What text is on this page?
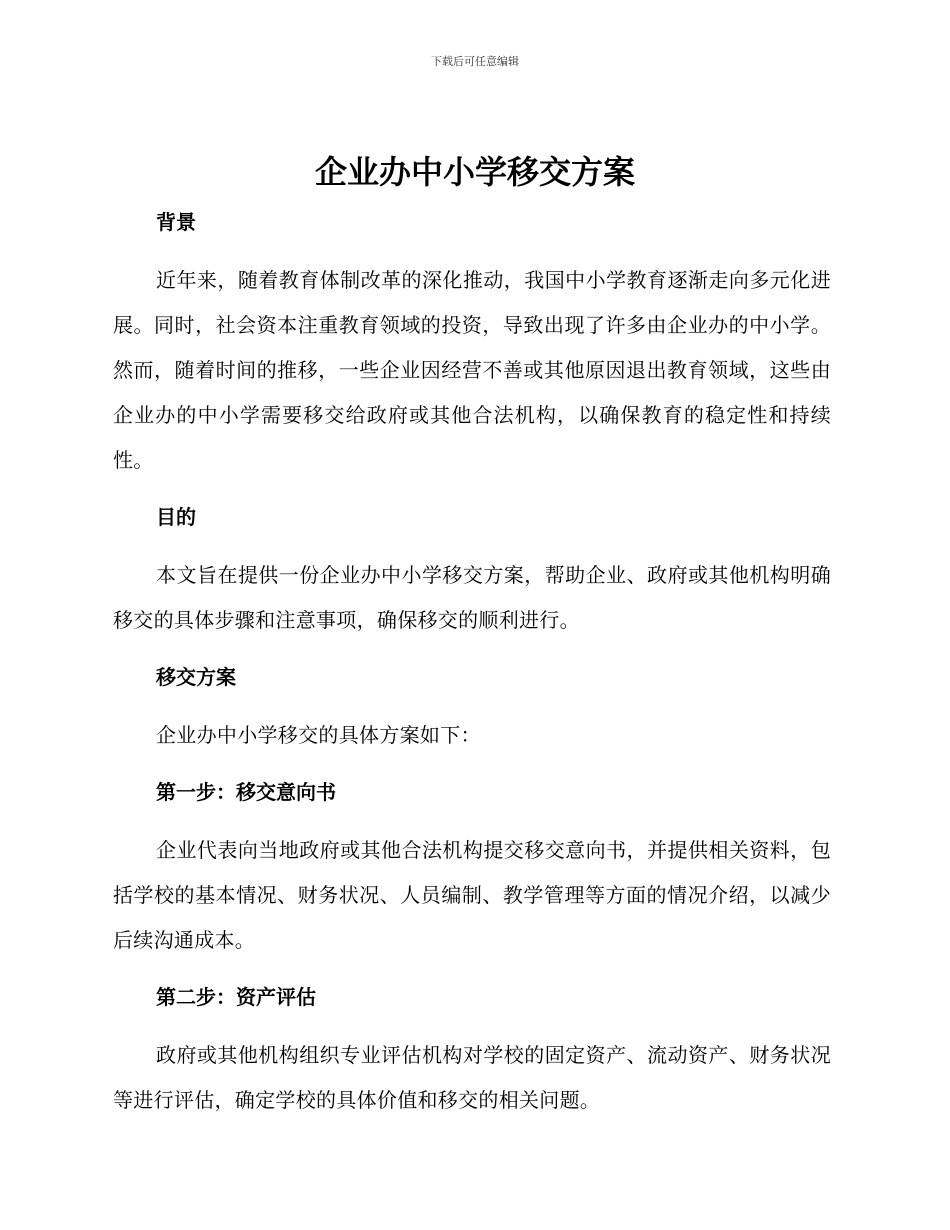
下载后可任意编辑
企业办中小学移交方案
背景

近年来，随着教育体制改革的深化推动，我国中小学教育逐渐走向多元化进展。同时，社会资本注重教育领域的投资，导致出现了许多由企业办的中小学。然而，随着时间的推移，一些企业因经营不善或其他原因退出教育领域，这些由企业办的中小学需要移交给政府或其他合法机构，以确保教育的稳定性和持续性。

目的

本文旨在提供一份企业办中小学移交方案，帮助企业、政府或其他机构明确移交的具体步骤和注意事项，确保移交的顺利进行。

移交方案

企业办中小学移交的具体方案如下：

第一步：移交意向书

企业代表向当地政府或其他合法机构提交移交意向书，并提供相关资料，包括学校的基本情况、财务状况、人员编制、教学管理等方面的情况介绍，以减少后续沟通成本。

第二步：资产评估

政府或其他机构组织专业评估机构对学校的固定资产、流动资产、财务状况等进行评估，确定学校的具体价值和移交的相关问题。
